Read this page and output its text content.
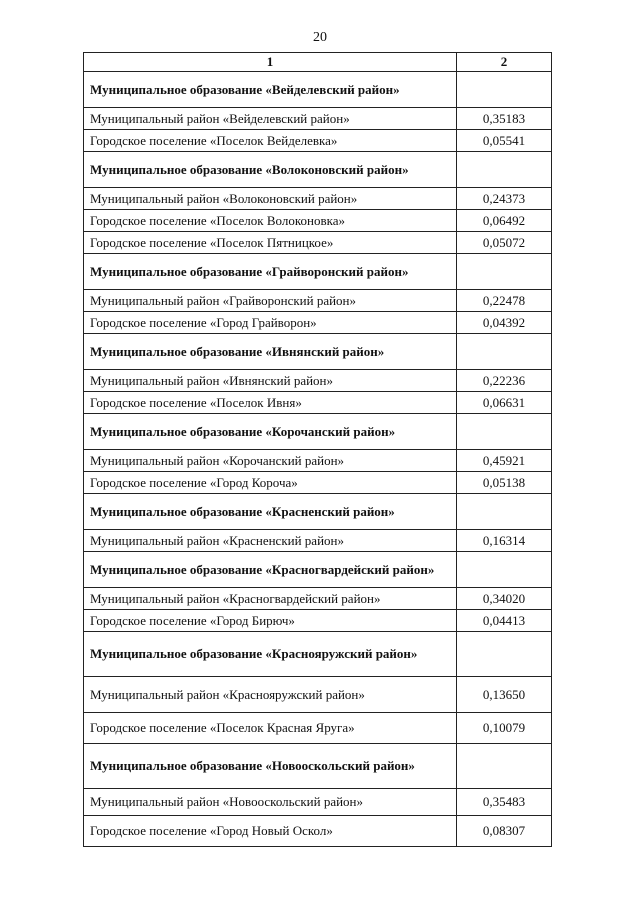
20
1	2
Муниципальное образование «Вейделевский район»	
Муниципальный район «Вейделевский район»	0,35183
Городское поселение «Поселок Вейделевка»	0,05541
Муниципальное образование «Волоконовский район»	
Муниципальный район «Волоконовский район»	0,24373
Городское поселение «Поселок Волоконовка»	0,06492
Городское поселение «Поселок Пятницкое»	0,05072
Муниципальное образование «Грайворонский район»	
Муниципальный район «Грайворонский район»	0,22478
Городское поселение «Город Грайворон»	0,04392
Муниципальное образование «Ивнянский район»	
Муниципальный район «Ивнянский район»	0,22236
Городское поселение «Поселок Ивня»	0,06631
Муниципальное образование «Корочанский район»	
Муниципальный район «Корочанский район»	0,45921
Городское поселение «Город Короча»	0,05138
Муниципальное образование «Красненский район»	
Муниципальный район «Красненский район»	0,16314
Муниципальное образование «Красногвардейский район»	
Муниципальный район «Красногвардейский район»	0,34020
Городское поселение «Город Бирюч»	0,04413
Муниципальное образование «Краснояружский район»	
Муниципальный район «Краснояружский район»	0,13650
Городское поселение «Поселок Красная Яруга»	0,10079
Муниципальное образование «Новооскольский район»	
Муниципальный район «Новооскольский район»	0,35483
Городское поселение «Город Новый Оскол»	0,08307
